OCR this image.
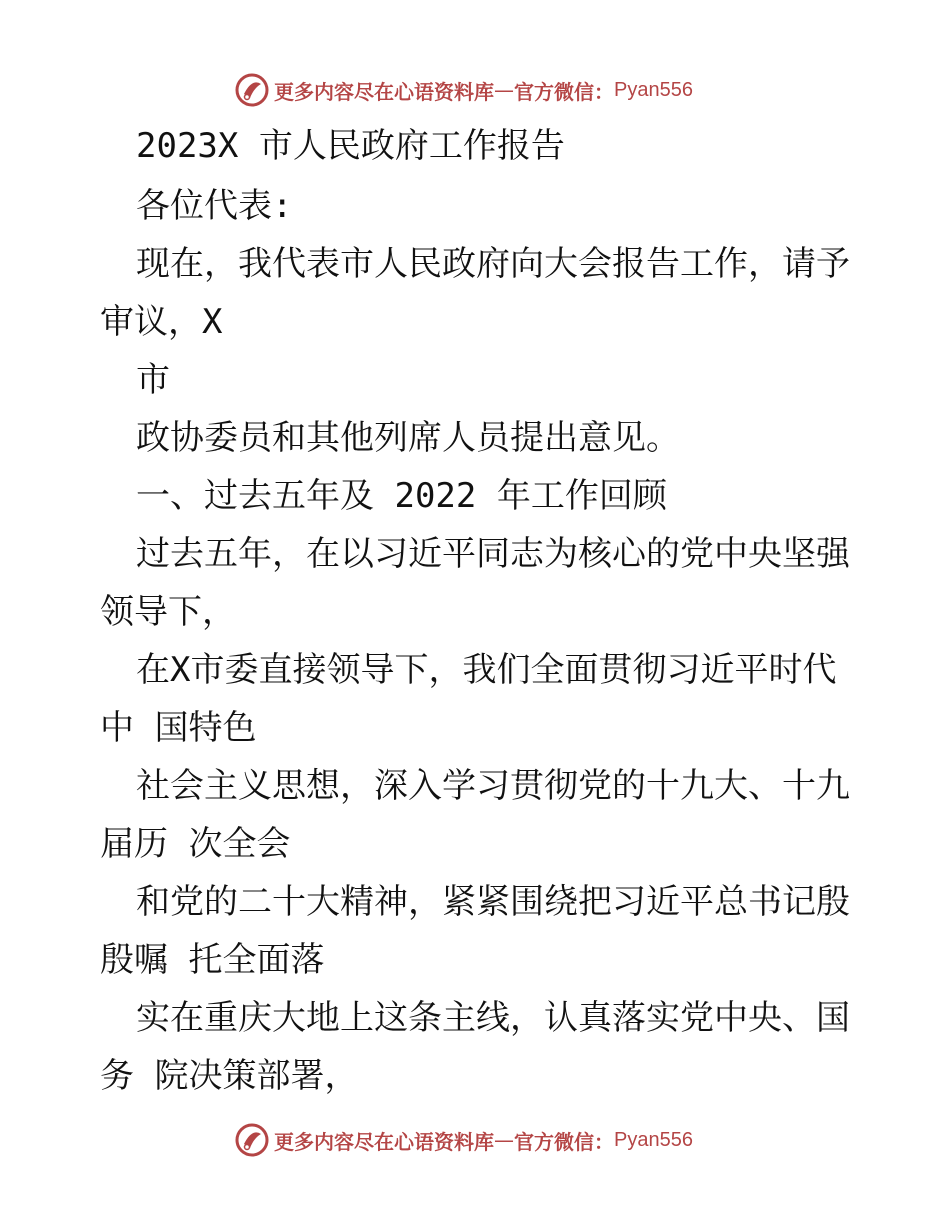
更多内容尽在心语资料库 — 官方微信： Pyan556
2023X 市人民政府工作报告
各位代表:
现在，我代表市人民政府向大会报告工作，请予
审议，X
市
政协委员和其他列席人员提出意见。
一、过去五年及 2022 年工作回顾
过去五年，在以习近平同志为核心的党中央坚强
领导下，
在X市委直接领导下，我们全面贯彻习近平时代
中 国特色
社会主义思想，深入学习贯彻党的十九大、十九
届历 次全会
和党的二十大精神，紧紧围绕把习近平总书记殷
殷嘱 托全面落
实在重庆大地上这条主线，认真落实党中央、国
务 院决策部署，
更多内容尽在心语资料库 — 官方微信： Pyan556
